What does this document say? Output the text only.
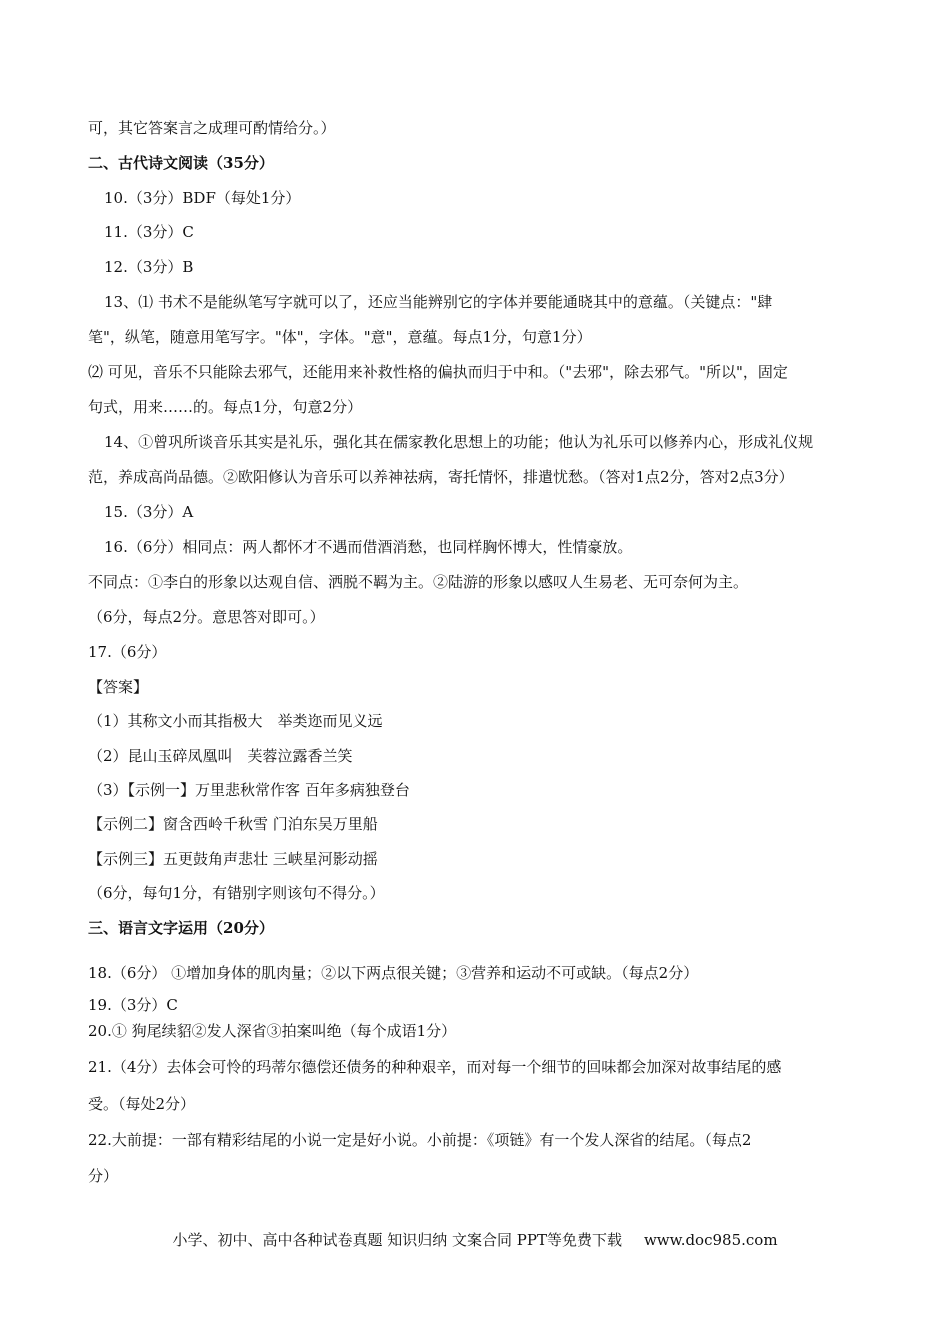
可，其它答案言之成理可酌情给分。）
二、古代诗文阅读（35分）
10.（3分）BDF（每处1分）
11.（3分）C
12.（3分）B
13、⑴ 书术不是能纵笔写字就可以了，还应当能辨别它的字体并要能通晓其中的意蕴。（关键点："肆
笔"，纵笔，随意用笔写字。"体"，字体。"意"，意蕴。每点1分，句意1分）
⑵ 可见，音乐不只能除去邪气，还能用来补救性格的偏执而归于中和。（"去邪"，除去邪气。"所以"，固定
句式，用来……的。每点1分，句意2分）
14、①曾巩所谈音乐其实是礼乐，强化其在儒家教化思想上的功能；他认为礼乐可以修养内心，形成礼仪规
范，养成高尚品德。②欧阳修认为音乐可以养神祛病，寄托情怀，排遣忧愁。（答对1点2分，答对2点3分）
15.（3分）A
16.（6分）相同点：两人都怀才不遇而借酒消愁，也同样胸怀博大，性情豪放。
不同点：①李白的形象以达观自信、洒脱不羁为主。②陆游的形象以感叹人生易老、无可奈何为主。
（6分，每点2分。意思答对即可。）
17.（6分）
【答案】
（1）其称文小而其指极大　举类迩而见义远
（2）昆山玉碎凤凰叫　芙蓉泣露香兰笑
（3）【示例一】万里悲秋常作客 百年多病独登台
【示例二】窗含西岭千秋雪 门泊东吴万里船
【示例三】五更鼓角声悲壮 三峡星河影动摇
（6分，每句1分，有错别字则该句不得分。）
三、语言文字运用（20分）
18.（6分） ①增加身体的肌肉量；②以下两点很关键；③营养和运动不可或缺。（每点2分）
19.（3分）C
20.① 狗尾续貂②发人深省③拍案叫绝（每个成语1分）
21.（4分）去体会可怜的玛蒂尔德偿还债务的种种艰辛，而对每一个细节的回味都会加深对故事结尾的感
受。（每处2分）
22.大前提：一部有精彩结尾的小说一定是好小说。小前提：《项链》有一个发人深省的结尾。（每点2
分）
小学、初中、高中各种试卷真题 知识归纳 文案合同 PPT等免费下载 www.doc985.com
